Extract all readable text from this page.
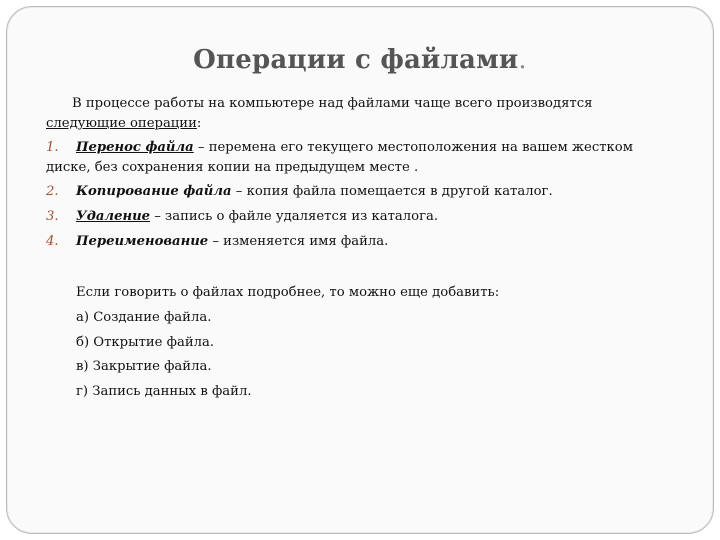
Операции с файлами.
В процессе работы на компьютере над файлами чаще всего производятся
следующие операции:
1. Перенос файла – перемена его текущего местоположения на вашем жестком диске, без сохранения копии на предыдущем месте .
2. Копирование файла – копия файла помещается в другой каталог.
3. Удаление – запись о файле удаляется из каталога.
4. Переименование – изменяется имя файла.
Если говорить о файлах подробнее, то можно еще добавить:
а) Создание файла.
б) Открытие файла.
в) Закрытие файла.
г) Запись данных в файл.
